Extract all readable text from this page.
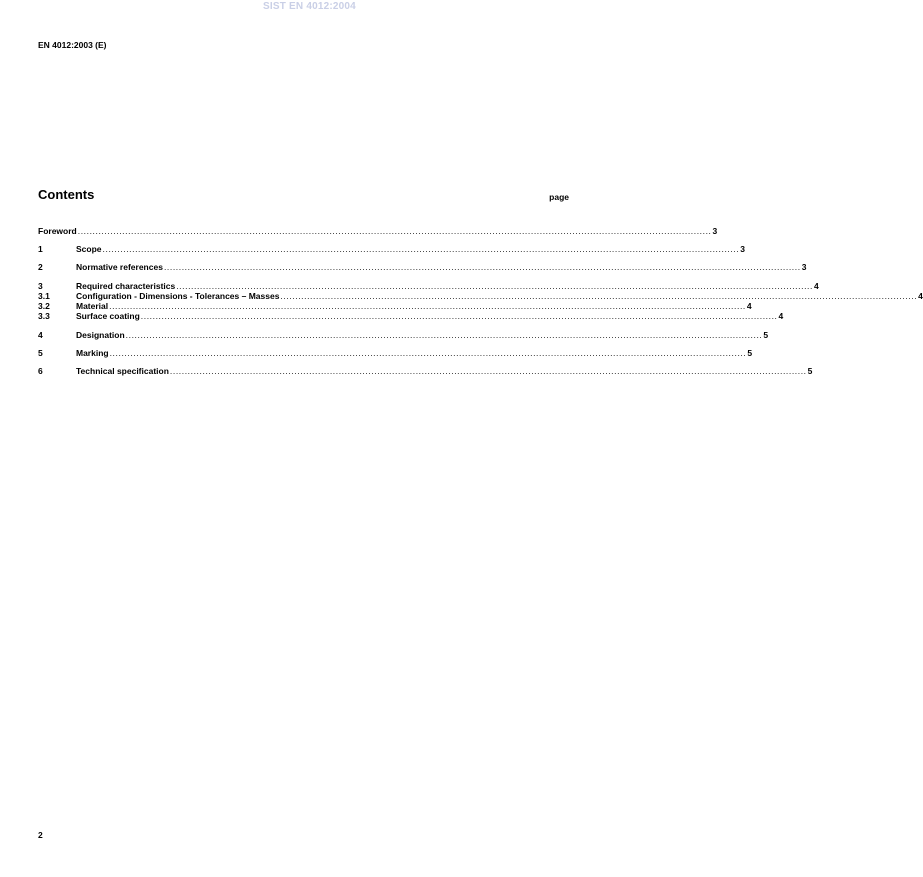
SIST EN 4012:2004
EN 4012:2003 (E)
Contents	page
Foreword ...................................................................................................................................................................................................................... 3
1	Scope ....................................................................................................................................................................................................................... 3
2	Normative references ....................................................................................................................................................................................................................... 3
3	Required characteristics ....................................................................................................................................................................................................................... 4
3.1	Configuration - Dimensions - Tolerances – Masses ....................................................................................................................................................................................................................... 4
3.2	Material ....................................................................................................................................................................................................................... 4
3.3	Surface coating ....................................................................................................................................................................................................................... 4
4	Designation ....................................................................................................................................................................................................................... 5
5	Marking ....................................................................................................................................................................................................................... 5
6	Technical specification ....................................................................................................................................................................................................................... 5
2
